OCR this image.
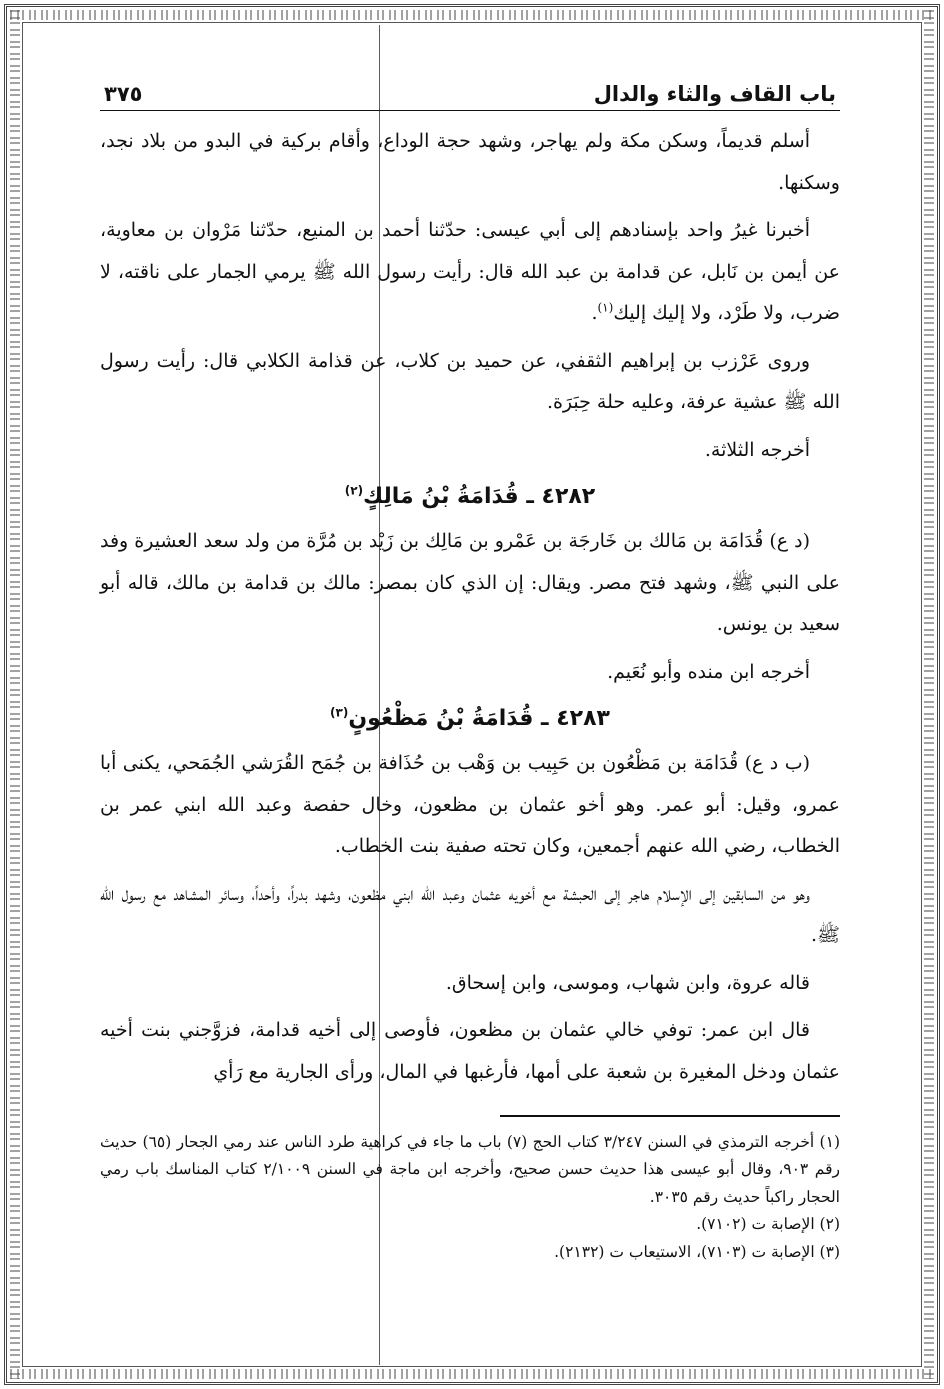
باب القاف والثاء والدال
٣٧٥

أسلم قديماً، وسكن مكة ولم يهاجر، وشهد حجة الوداع، وأقام بركية في البدو من بلاد نجد، وسكنها.

أخبرنا غيرُ واحد بإسنادهم إلى أبي عيسى: حدّثنا أحمد بن المنيع، حدّثنا مَرْوان بن معاوية، عن أيمن بن نَابل، عن قدامة بن عبد الله قال: رأيت رسول الله ﷺ يرمي الجمار على ناقته، لا ضرب، ولا طَرْد، ولا إليك إليك$^{(١)}$.

وروى عَرْزب بن إبراهيم الثقفي، عن حميد بن كلاب، عن قذامة الكلابي قال: رأيت رسول الله ﷺ عشية عرفة، وعليه حلة حِبَرَة.

أخرجه الثلاثة.

٤٢٨٢ ـ قُدَامَةُ بْنُ مَالِكٍ$^{(٢)}$

(د ع) قُدَامَة بن مَالك بن خَارجَة بن عَمْرو بن مَالِك بن زَيْد بن مُرَّة من ولد سعد العشيرة وفد على النبي ﷺ، وشهد فتح مصر. ويقال: إن الذي كان بمصر: مالك بن قدامة بن مالك، قاله أبو سعيد بن يونس.

أخرجه ابن منده وأبو نُعَيم.

٤٢٨٣ ـ قُدَامَةُ بْنُ مَظْعُونٍ$^{(٣)}$

(ب د ع) قُدَامَة بن مَظْعُون بن حَبِيب بن وَهْب بن حُذَافة بن جُمَح القُرَشي الجُمَحي، يكنى أبا عمرو، وقيل: أبو عمر. وهو أخو عثمان بن مظعون، وخال حفصة وعبد الله ابني عمر بن الخطاب، رضي الله عنهم أجمعين، وكان تحته صفية بنت الخطاب.

وهو من السابقين إلى الإسلام هاجر إلى الحبشة مع أخويه عثمان وعبد الله ابني مظعون، وشهد بدراً، وأحداً، وسائر المشاهد مع رسول الله ﷺ.

قاله عروة، وابن شهاب، وموسى، وابن إسحاق.

قال ابن عمر: توفي خالي عثمان بن مظعون، فأوصى إلى أخيه قدامة، فزوَّجني بنت أخيه عثمان ودخل المغيرة بن شعبة على أمها، فأرغبها في المال، ورأى الجارية مع رَأي

(١) أخرجه الترمذي في السنن ٣/٢٤٧ كتاب الحج (٧) باب ما جاء في كراهية طرد الناس عند رمي الجحار (٦٥) حديث رقم ٩٠٣، وقال أبو عيسى هذا حديث حسن صحيح، وأخرجه ابن ماجة في السنن ٢/١٠٠٩ كتاب المناسك باب رمي الحجار راكباً حديث رقم ٣٠٣٥.

(٢) الإصابة ت (٧١٠٢).

(٣) الإصابة ت (٧١٠٣)، الاستيعاب ت (٢١٣٢).
